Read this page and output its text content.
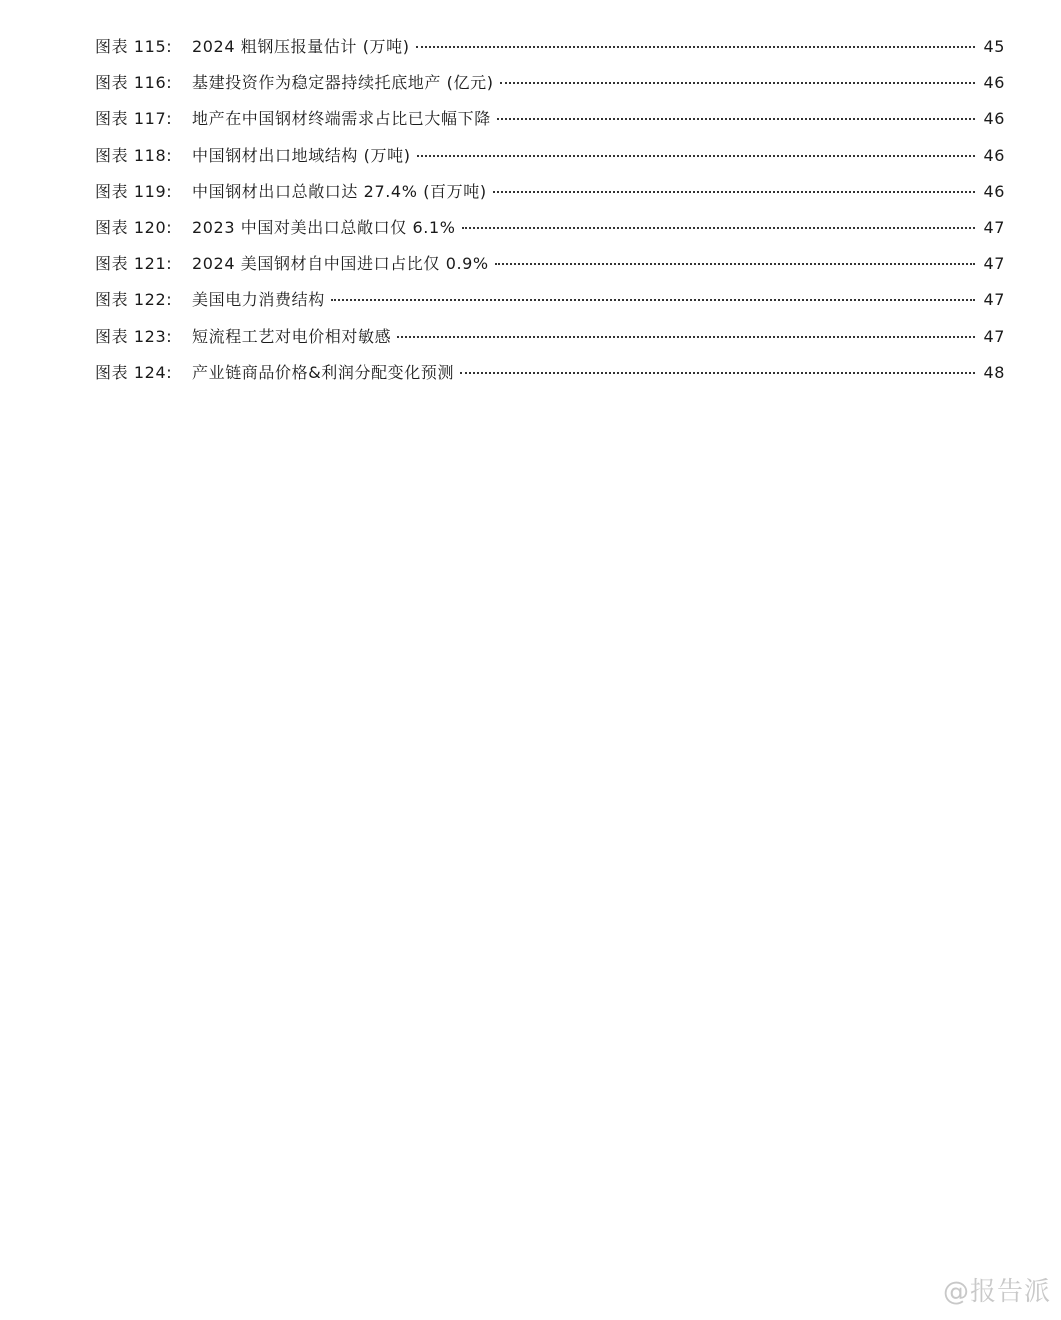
图表 115:	2024 粗钢压报量估计 (万吨)	45
图表 116:	基建投资作为稳定器持续托底地产 (亿元)	46
图表 117:	地产在中国钢材终端需求占比已大幅下降	46
图表 118:	中国钢材出口地域结构 (万吨)	46
图表 119:	中国钢材出口总敞口达 27.4% (百万吨)	46
图表 120:	2023 中国对美出口总敞口仅 6.1%	47
图表 121:	2024 美国钢材自中国进口占比仅 0.9%	47
图表 122:	美国电力消费结构	47
图表 123:	短流程工艺对电价相对敏感	47
图表 124:	产业链商品价格&利润分配变化预测	48
@报告派
